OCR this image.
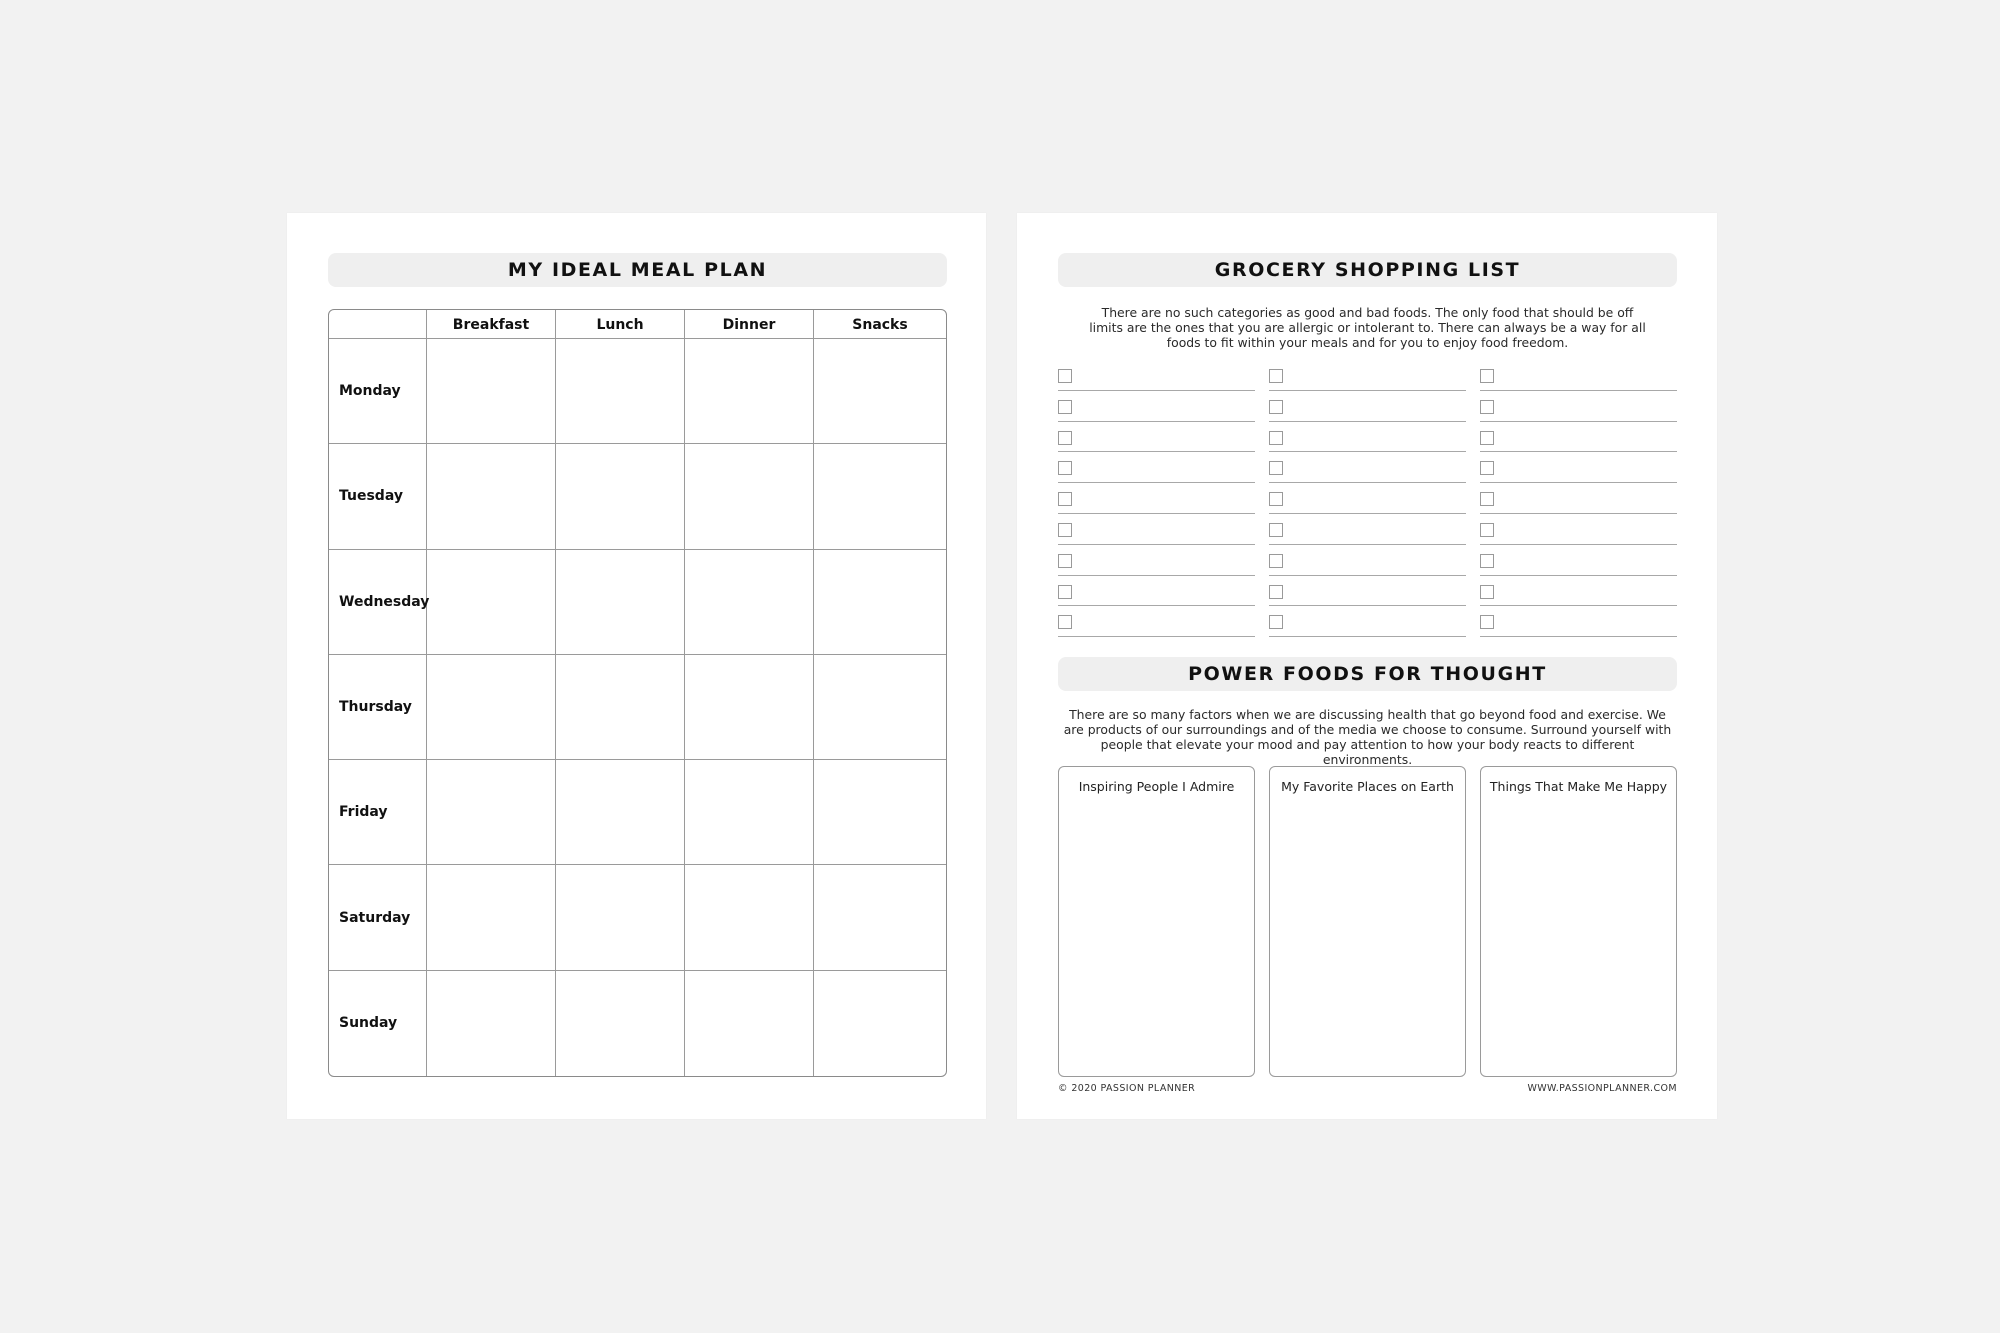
MY IDEAL MEAL PLAN
Breakfast	Lunch	Dinner	Snacks
Monday
Tuesday
Wednesday
Thursday
Friday
Saturday
Sunday
GROCERY SHOPPING LIST
There are no such categories as good and bad foods. The only food that should be off limits are the ones that you are allergic or intolerant to. There can always be a way for all foods to fit within your meals and for you to enjoy food freedom.
POWER FOODS FOR THOUGHT
There are so many factors when we are discussing health that go beyond food and exercise. We are products of our surroundings and of the media we choose to consume. Surround yourself with people that elevate your mood and pay attention to how your body reacts to different environments.
Inspiring People I Admire	My Favorite Places on Earth	Things That Make Me Happy
© 2020 PASSION PLANNER	WWW.PASSIONPLANNER.COM
